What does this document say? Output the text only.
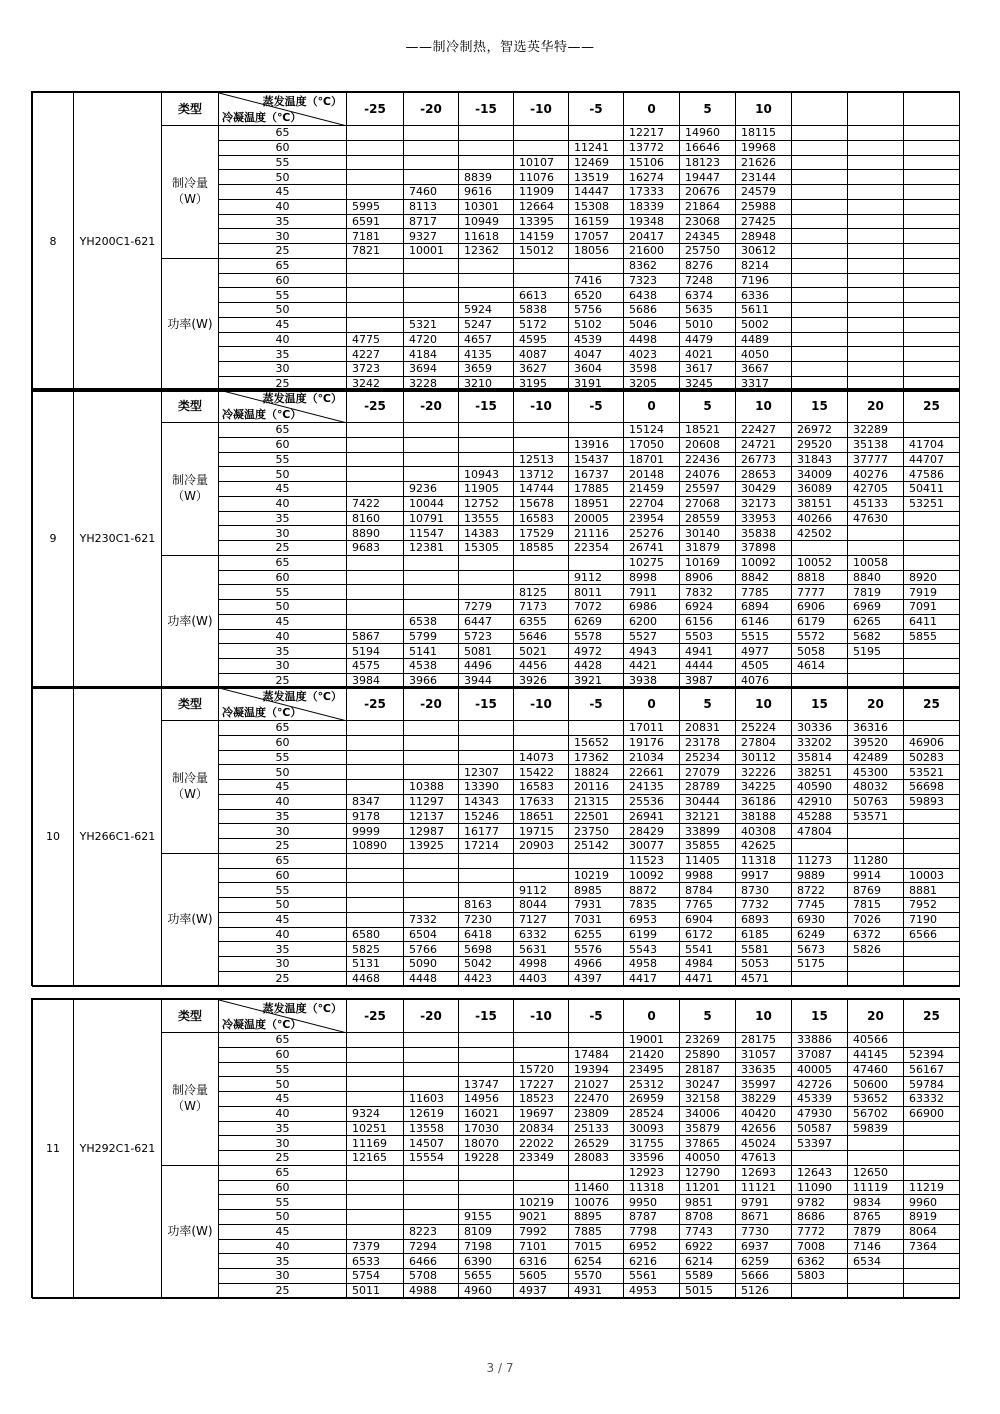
——制冷制热，智选英华特——
8	YH200C1-621	类型	蒸发温度（℃）
冷凝温度（℃）	-25	-20	-15	-10	-5	0	5	10			
		制冷量
（W）	65						12217	14960	18115			
			60					11241	13772	16646	19968			
			55				10107	12469	15106	18123	21626			
			50			8839	11076	13519	16274	19447	23144			
			45		7460	9616	11909	14447	17333	20676	24579			
			40	5995	8113	10301	12664	15308	18339	21864	25988			
			35	6591	8717	10949	13395	16159	19348	23068	27425			
			30	7181	9327	11618	14159	17057	20417	24345	28948			
			25	7821	10001	12362	15012	18056	21600	25750	30612			
		功率(W)	65						8362	8276	8214			
			60					7416	7323	7248	7196			
			55				6613	6520	6438	6374	6336			
			50			5924	5838	5756	5686	5635	5611			
			45		5321	5247	5172	5102	5046	5010	5002			
			40	4775	4720	4657	4595	4539	4498	4479	4489			
			35	4227	4184	4135	4087	4047	4023	4021	4050			
			30	3723	3694	3659	3627	3604	3598	3617	3667			
			25	3242	3228	3210	3195	3191	3205	3245	3317			
9	YH230C1-621	类型	蒸发温度（℃）
冷凝温度（℃）	-25	-20	-15	-10	-5	0	5	10	15	20	25
		制冷量
（W）	65						15124	18521	22427	26972	32289	
			60					13916	17050	20608	24721	29520	35138	41704
			55				12513	15437	18701	22436	26773	31843	37777	44707
			50			10943	13712	16737	20148	24076	28653	34009	40276	47586
			45		9236	11905	14744	17885	21459	25597	30429	36089	42705	50411
			40	7422	10044	12752	15678	18951	22704	27068	32173	38151	45133	53251
			35	8160	10791	13555	16583	20005	23954	28559	33953	40266	47630	
			30	8890	11547	14383	17529	21116	25276	30140	35838	42502		
			25	9683	12381	15305	18585	22354	26741	31879	37898			
		功率(W)	65						10275	10169	10092	10052	10058	
			60					9112	8998	8906	8842	8818	8840	8920
			55				8125	8011	7911	7832	7785	7777	7819	7919
			50			7279	7173	7072	6986	6924	6894	6906	6969	7091
			45		6538	6447	6355	6269	6200	6156	6146	6179	6265	6411
			40	5867	5799	5723	5646	5578	5527	5503	5515	5572	5682	5855
			35	5194	5141	5081	5021	4972	4943	4941	4977	5058	5195	
			30	4575	4538	4496	4456	4428	4421	4444	4505	4614		
			25	3984	3966	3944	3926	3921	3938	3987	4076			
10	YH266C1-621	类型	蒸发温度（℃）
冷凝温度（℃）	-25	-20	-15	-10	-5	0	5	10	15	20	25
		制冷量
（W）	65						17011	20831	25224	30336	36316	
			60					15652	19176	23178	27804	33202	39520	46906
			55				14073	17362	21034	25234	30112	35814	42489	50283
			50			12307	15422	18824	22661	27079	32226	38251	45300	53521
			45		10388	13390	16583	20116	24135	28789	34225	40590	48032	56698
			40	8347	11297	14343	17633	21315	25536	30444	36186	42910	50763	59893
			35	9178	12137	15246	18651	22501	26941	32121	38188	45288	53571	
			30	9999	12987	16177	19715	23750	28429	33899	40308	47804		
			25	10890	13925	17214	20903	25142	30077	35855	42625			
		功率(W)	65						11523	11405	11318	11273	11280	
			60					10219	10092	9988	9917	9889	9914	10003
			55				9112	8985	8872	8784	8730	8722	8769	8881
			50			8163	8044	7931	7835	7765	7732	7745	7815	7952
			45		7332	7230	7127	7031	6953	6904	6893	6930	7026	7190
			40	6580	6504	6418	6332	6255	6199	6172	6185	6249	6372	6566
			35	5825	5766	5698	5631	5576	5543	5541	5581	5673	5826	
			30	5131	5090	5042	4998	4966	4958	4984	5053	5175		
			25	4468	4448	4423	4403	4397	4417	4471	4571			
11	YH292C1-621	类型	蒸发温度（℃）
冷凝温度（℃）	-25	-20	-15	-10	-5	0	5	10	15	20	25
		制冷量
（W）	65						19001	23269	28175	33886	40566	
			60					17484	21420	25890	31057	37087	44145	52394
			55				15720	19394	23495	28187	33635	40005	47460	56167
			50			13747	17227	21027	25312	30247	35997	42726	50600	59784
			45		11603	14956	18523	22470	26959	32158	38229	45339	53652	63332
			40	9324	12619	16021	19697	23809	28524	34006	40420	47930	56702	66900
			35	10251	13558	17030	20834	25133	30093	35879	42656	50587	59839	
			30	11169	14507	18070	22022	26529	31755	37865	45024	53397		
			25	12165	15554	19228	23349	28083	33596	40050	47613			
		功率(W)	65						12923	12790	12693	12643	12650	
			60					11460	11318	11201	11121	11090	11119	11219
			55				10219	10076	9950	9851	9791	9782	9834	9960
			50			9155	9021	8895	8787	8708	8671	8686	8765	8919
			45		8223	8109	7992	7885	7798	7743	7730	7772	7879	8064
			40	7379	7294	7198	7101	7015	6952	6922	6937	7008	7146	7364
			35	6533	6466	6390	6316	6254	6216	6214	6259	6362	6534	
			30	5754	5708	5655	5605	5570	5561	5589	5666	5803		
			25	5011	4988	4960	4937	4931	4953	5015	5126			
3 / 7
